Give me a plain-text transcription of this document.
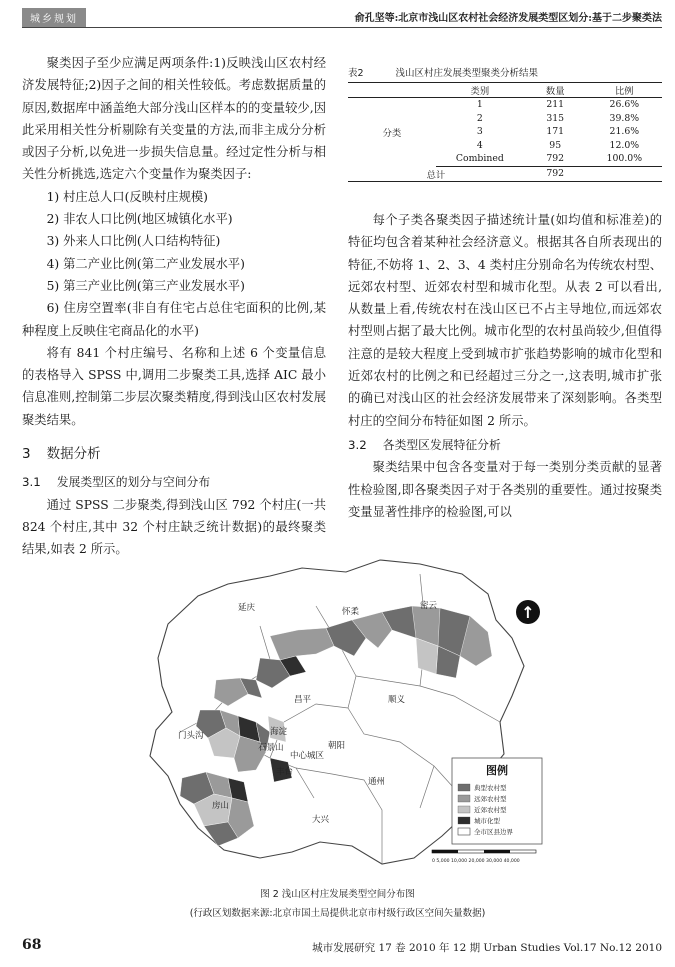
城乡规划	俞孔坚等:北京市浅山区农村社会经济发展类型区划分:基于二步聚类法

聚类因子至少应满足两项条件:1)反映浅山区农村经济发展特征;2)因子之间的相关性较低。考虑数据质量的原因,数据库中涵盖绝大部分浅山区样本的的变量较少,因此采用相关性分析剔除有关变量的方法,而非主成分分析或因子分析,以免进一步损失信息量。经过定性分析与相关性分析挑选,选定六个变量作为聚类因子:

1) 村庄总人口(反映村庄规模)

2) 非农人口比例(地区城镇化水平)

3) 外来人口比例(人口结构特征)

4) 第二产业比例(第二产业发展水平)

5) 第三产业比例(第三产业发展水平)

6) 住房空置率(非自有住宅占总住宅面积的比例,某种程度上反映住宅商品化的水平)

将有 841 个村庄编号、名称和上述 6 个变量信息的表格导入 SPSS 中,调用二步聚类工具,选择 AIC 最小信息准则,控制第二步层次聚类精度,得到浅山区农村发展聚类结果。

3 数据分析
3.1 发展类型区的划分与空间分布

通过 SPSS 二步聚类,得到浅山区 792 个村庄(一共824 个村庄,其中 32 个村庄缺乏统计数据)的最终聚类结果,如表 2 所示。

表2	浅山区村庄发展类型聚类分析结果
	类别	数量	比例
分类	1	211	26.6%
	2	315	39.8%
	3	171	21.6%
	4	95	12.0%
	Combined	792	100.0%
总计		792	

每个子类各聚类因子描述统计量(如均值和标准差)的特征均包含着某种社会经济意义。根据其各自所表现出的特征,不妨将 1、2、3、4 类村庄分别命名为传统农村型、远郊农村型、近郊农村型和城市化型。从表 2 可以看出,从数量上看,传统农村在浅山区已不占主导地位,而远郊农村型则占据了最大比例。城市化型的农村虽尚较少,但值得注意的是较大程度上受到城市扩张趋势影响的城市化型和近郊农村的比例之和已经超过三分之一,这表明,城市扩张的确已对浅山区的社会经济发展带来了深刻影响。各类型村庄的空间分布特征如图 2 所示。

3.2 各类型区发展特征分析

聚类结果中包含各变量对于每一类别分类贡献的显著性检验图,即各聚类因子对于各类别的重要性。通过按聚类变量显著性排序的检验图,可以

延庆	怀柔
密云
顺义
门头沟
石景山
海淀
昌平
朝阳
中心城区
丰台
房山
通州
大兴
↑
图例
典型农村型
远郊农村型
近郊农村型
城市化型
全市区县边界
0 5,000 10,000 20,000 30,000 40,000
图 2 浅山区村庄发展类型空间分布图
(行政区划数据来源:北京市国土局提供北京市村级行政区空间矢量数据)
68	城市发展研究 17 卷 2010 年 12 期 Urban Studies Vol.17 No.12 2010
